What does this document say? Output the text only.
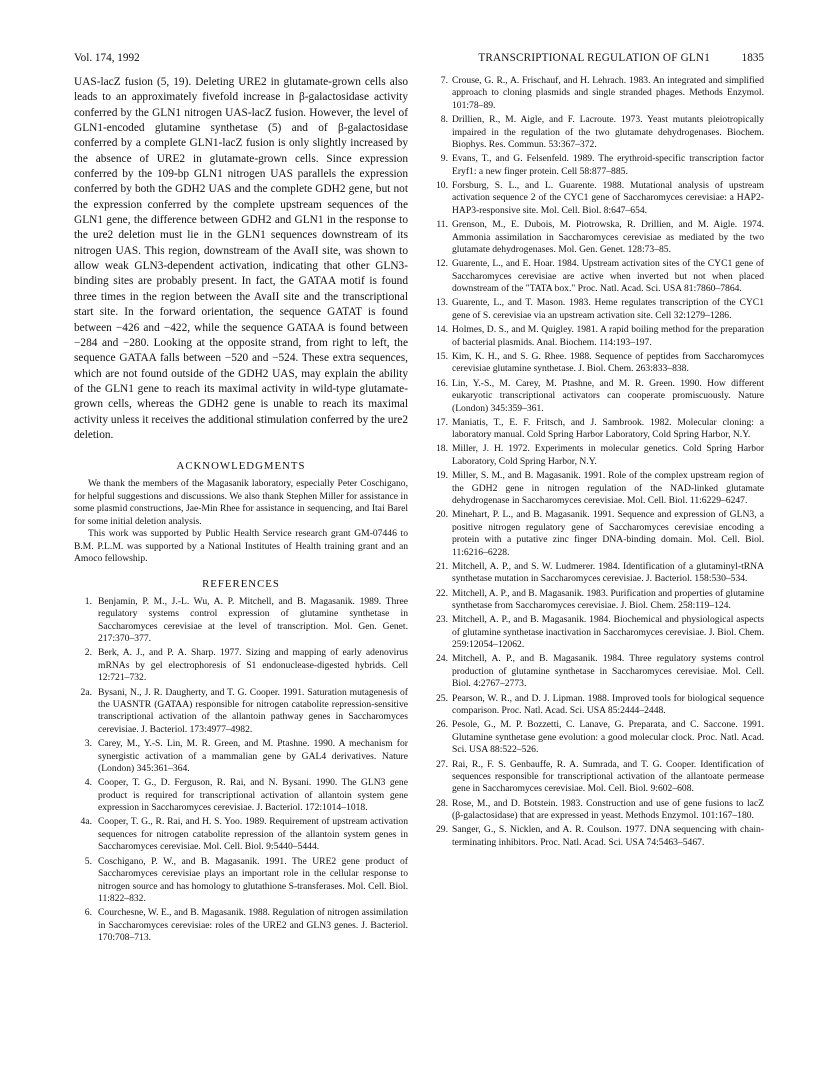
Vol. 174, 1992	TRANSCRIPTIONAL REGULATION OF GLN1	1835

UAS-lacZ fusion (5, 19). Deleting URE2 in glutamate-grown cells also leads to an approximately fivefold increase in β-galactosidase activity conferred by the GLN1 nitrogen UAS-lacZ fusion. However, the level of GLN1-encoded glutamine synthetase (5) and of β-galactosidase conferred by a complete GLN1-lacZ fusion is only slightly increased by the absence of URE2 in glutamate-grown cells. Since expression conferred by the 109-bp GLN1 nitrogen UAS parallels the expression conferred by both the GDH2 UAS and the complete GDH2 gene, but not the expression conferred by the complete upstream sequences of the GLN1 gene, the difference between GDH2 and GLN1 in the response to the ure2 deletion must lie in the GLN1 sequences downstream of its nitrogen UAS. This region, downstream of the AvaII site, was shown to allow weak GLN3-dependent activation, indicating that other GLN3-binding sites are probably present. In fact, the GATAA motif is found three times in the region between the AvaII site and the transcriptional start site. In the forward orientation, the sequence GATAT is found between −426 and −422, while the sequence GATAA is found between −284 and −280. Looking at the opposite strand, from right to left, the sequence GATAA falls between −520 and −524. These extra sequences, which are not found outside of the GDH2 UAS, may explain the ability of the GLN1 gene to reach its maximal activity in wild-type glutamate-grown cells, whereas the GDH2 gene is unable to reach its maximal activity unless it receives the additional stimulation conferred by the ure2 deletion.

ACKNOWLEDGMENTS

We thank the members of the Magasanik laboratory, especially Peter Coschigano, for helpful suggestions and discussions. We also thank Stephen Miller for assistance in some plasmid constructions, Jae-Min Rhee for assistance in sequencing, and Itai Barel for some initial deletion analysis.

This work was supported by Public Health Service research grant GM-07446 to B.M. P.L.M. was supported by a National Institutes of Health training grant and an Amoco fellowship.

REFERENCES
1. Benjamin, P. M., J.-L. Wu, A. P. Mitchell, and B. Magasanik. 1989. Three regulatory systems control expression of glutamine synthetase in Saccharomyces cerevisiae at the level of transcription. Mol. Gen. Genet. 217:370–377.
2. Berk, A. J., and P. A. Sharp. 1977. Sizing and mapping of early adenovirus mRNAs by gel electrophoresis of S1 endonuclease-digested hybrids. Cell 12:721–732.
2a. Bysani, N., J. R. Daugherty, and T. G. Cooper. 1991. Saturation mutagenesis of the UASNTR (GATAA) responsible for nitrogen catabolite repression-sensitive transcriptional activation of the allantoin pathway genes in Saccharomyces cerevisiae. J. Bacteriol. 173:4977–4982.
3. Carey, M., Y.-S. Lin, M. R. Green, and M. Ptashne. 1990. A mechanism for synergistic activation of a mammalian gene by GAL4 derivatives. Nature (London) 345:361–364.
4. Cooper, T. G., D. Ferguson, R. Rai, and N. Bysani. 1990. The GLN3 gene product is required for transcriptional activation of allantoin system gene expression in Saccharomyces cerevisiae. J. Bacteriol. 172:1014–1018.
4a. Cooper, T. G., R. Rai, and H. S. Yoo. 1989. Requirement of upstream activation sequences for nitrogen catabolite repression of the allantoin system genes in Saccharomyces cerevisiae. Mol. Cell. Biol. 9:5440–5444.
5. Coschigano, P. W., and B. Magasanik. 1991. The URE2 gene product of Saccharomyces cerevisiae plays an important role in the cellular response to nitrogen source and has homology to glutathione S-transferases. Mol. Cell. Biol. 11:822–832.
6. Courchesne, W. E., and B. Magasanik. 1988. Regulation of nitrogen assimilation in Saccharomyces cerevisiae: roles of the URE2 and GLN3 genes. J. Bacteriol. 170:708–713.
7. Crouse, G. R., A. Frischauf, and H. Lehrach. 1983. An integrated and simplified approach to cloning plasmids and single stranded phages. Methods Enzymol. 101:78–89.
8. Drillien, R., M. Aigle, and F. Lacroute. 1973. Yeast mutants pleiotropically impaired in the regulation of the two glutamate dehydrogenases. Biochem. Biophys. Res. Commun. 53:367–372.
9. Evans, T., and G. Felsenfeld. 1989. The erythroid-specific transcription factor Eryf1: a new finger protein. Cell 58:877–885.
10. Forsburg, S. L., and L. Guarente. 1988. Mutational analysis of upstream activation sequence 2 of the CYC1 gene of Saccharomyces cerevisiae: a HAP2-HAP3-responsive site. Mol. Cell. Biol. 8:647–654.
11. Grenson, M., E. Dubois, M. Piotrowska, R. Drillien, and M. Aigle. 1974. Ammonia assimilation in Saccharomyces cerevisiae as mediated by the two glutamate dehydrogenases. Mol. Gen. Genet. 128:73–85.
12. Guarente, L., and E. Hoar. 1984. Upstream activation sites of the CYC1 gene of Saccharomyces cerevisiae are active when inverted but not when placed downstream of the "TATA box." Proc. Natl. Acad. Sci. USA 81:7860–7864.
13. Guarente, L., and T. Mason. 1983. Heme regulates transcription of the CYC1 gene of S. cerevisiae via an upstream activation site. Cell 32:1279–1286.
14. Holmes, D. S., and M. Quigley. 1981. A rapid boiling method for the preparation of bacterial plasmids. Anal. Biochem. 114:193–197.
15. Kim, K. H., and S. G. Rhee. 1988. Sequence of peptides from Saccharomyces cerevisiae glutamine synthetase. J. Biol. Chem. 263:833–838.
16. Lin, Y.-S., M. Carey, M. Ptashne, and M. R. Green. 1990. How different eukaryotic transcriptional activators can cooperate promiscuously. Nature (London) 345:359–361.
17. Maniatis, T., E. F. Fritsch, and J. Sambrook. 1982. Molecular cloning: a laboratory manual. Cold Spring Harbor Laboratory, Cold Spring Harbor, N.Y.
18. Miller, J. H. 1972. Experiments in molecular genetics. Cold Spring Harbor Laboratory, Cold Spring Harbor, N.Y.
19. Miller, S. M., and B. Magasanik. 1991. Role of the complex upstream region of the GDH2 gene in nitrogen regulation of the NAD-linked glutamate dehydrogenase in Saccharomyces cerevisiae. Mol. Cell. Biol. 11:6229–6247.
20. Minehart, P. L., and B. Magasanik. 1991. Sequence and expression of GLN3, a positive nitrogen regulatory gene of Saccharomyces cerevisiae encoding a protein with a putative zinc finger DNA-binding domain. Mol. Cell. Biol. 11:6216–6228.
21. Mitchell, A. P., and S. W. Ludmerer. 1984. Identification of a glutaminyl-tRNA synthetase mutation in Saccharomyces cerevisiae. J. Bacteriol. 158:530–534.
22. Mitchell, A. P., and B. Magasanik. 1983. Purification and properties of glutamine synthetase from Saccharomyces cerevisiae. J. Biol. Chem. 258:119–124.
23. Mitchell, A. P., and B. Magasanik. 1984. Biochemical and physiological aspects of glutamine synthetase inactivation in Saccharomyces cerevisiae. J. Biol. Chem. 259:12054–12062.
24. Mitchell, A. P., and B. Magasanik. 1984. Three regulatory systems control production of glutamine synthetase in Saccharomyces cerevisiae. Mol. Cell. Biol. 4:2767–2773.
25. Pearson, W. R., and D. J. Lipman. 1988. Improved tools for biological sequence comparison. Proc. Natl. Acad. Sci. USA 85:2444–2448.
26. Pesole, G., M. P. Bozzetti, C. Lanave, G. Preparata, and C. Saccone. 1991. Glutamine synthetase gene evolution: a good molecular clock. Proc. Natl. Acad. Sci. USA 88:522–526.
27. Rai, R., F. S. Genbauffe, R. A. Sumrada, and T. G. Cooper. Identification of sequences responsible for transcriptional activation of the allantoate permease gene in Saccharomyces cerevisiae. Mol. Cell. Biol. 9:602–608.
28. Rose, M., and D. Botstein. 1983. Construction and use of gene fusions to lacZ (β-galactosidase) that are expressed in yeast. Methods Enzymol. 101:167–180.
29. Sanger, G., S. Nicklen, and A. R. Coulson. 1977. DNA sequencing with chain-terminating inhibitors. Proc. Natl. Acad. Sci. USA 74:5463–5467.
